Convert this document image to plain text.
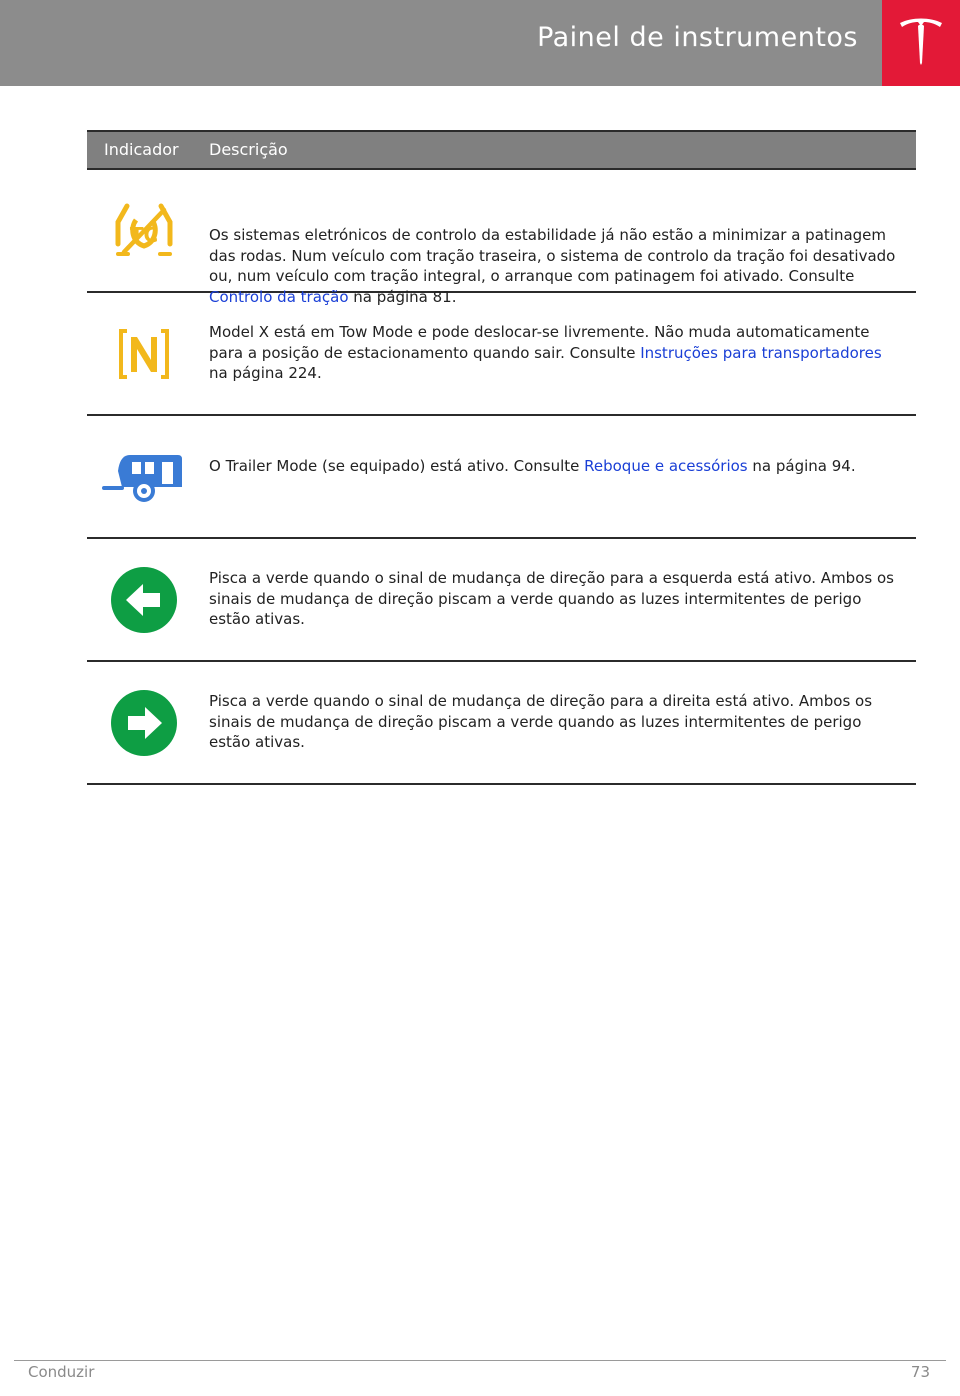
Painel de instrumentos
Indicador Descrição
TC	Os sistemas eletrónicos de controlo da estabilidade já não estão a minimizar a patinagem das rodas. Num veículo com tração traseira, o sistema de controlo da tração foi desativado ou, num veículo com tração integral, o arranque com patinagem foi ativado. Consulte Controlo da tração na página 81.
Model X está em Tow Mode e pode deslocar-se livremente. Não muda automaticamente para a posição de estacionamento quando sair. Consulte Instruções para transportadores na página 224.
O Trailer Mode (se equipado) está ativo. Consulte Reboque e acessórios na página 94.
Pisca a verde quando o sinal de mudança de direção para a esquerda está ativo. Ambos os sinais de mudança de direção piscam a verde quando as luzes intermitentes de perigo estão ativas.
Pisca a verde quando o sinal de mudança de direção para a direita está ativo. Ambos os sinais de mudança de direção piscam a verde quando as luzes intermitentes de perigo estão ativas.
Conduzir	73
